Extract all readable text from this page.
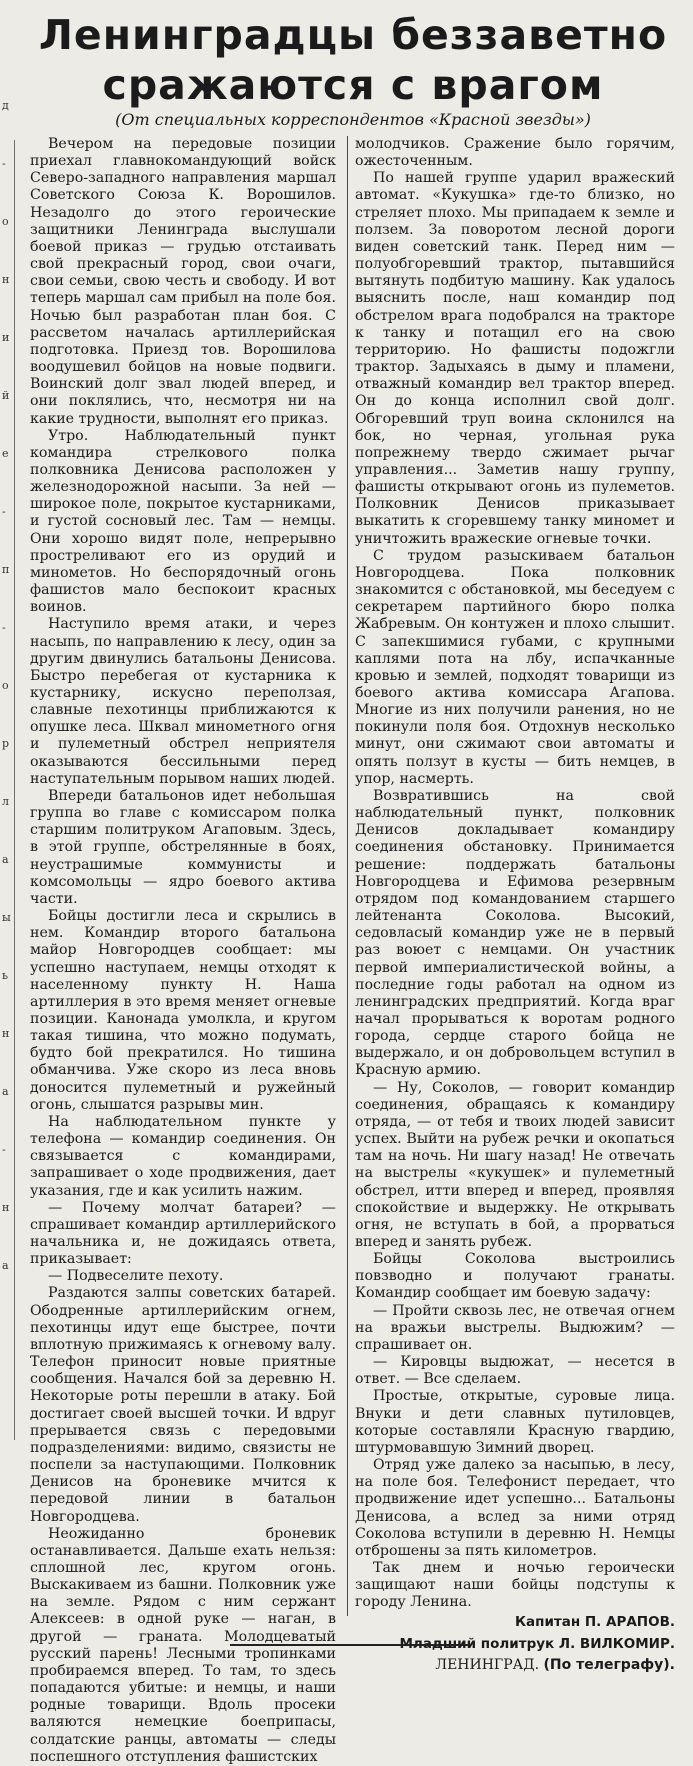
д
-
о
н
и
й
е
-
п
-
о
р
л
а
ы
ь
н
а
-
н
а
Ленинградцы беззаветно сражаются с врагом
(От специальных корреспондентов «Красной звезды»)

Вечером на передовые позиции приехал главнокомандующий войск Северо-западного направления маршал Советского Союза К. Ворошилов. Незадолго до этого героические защитники Ленинграда выслушали боевой приказ — грудью отстаивать свой прекрасный город, свои очаги, свои семьи, свою честь и свободу. И вот теперь маршал сам прибыл на поле боя. Ночью был разработан план боя. С рассветом началась артиллерийская подготовка. Приезд тов. Ворошилова воодушевил бойцов на новые подвиги. Воинский долг звал людей вперед, и они поклялись, что, несмотря ни на какие трудности, выполнят его приказ.

Утро. Наблюдательный пункт командира стрелкового полка полковника Денисова расположен у железнодорожной насыпи. За ней — широкое поле, покрытое кустарниками, и густой сосновый лес. Там — немцы. Они хорошо видят поле, непрерывно простреливают его из орудий и минометов. Но беспорядочный огонь фашистов мало беспокоит красных воинов.

Наступило время атаки, и через насыпь, по направлению к лесу, один за другим двинулись батальоны Денисова. Быстро перебегая от кустарника к кустарнику, искусно переползая, славные пехотинцы приближаются к опушке леса. Шквал минометного огня и пулеметный обстрел неприятеля оказываются бессильными перед наступательным порывом наших людей.

Впереди батальонов идет небольшая группа во главе с комиссаром полка старшим политруком Агаповым. Здесь, в этой группе, обстрелянные в боях, неустрашимые коммунисты и комсомольцы — ядро боевого актива части.

Бойцы достигли леса и скрылись в нем. Командир второго батальона майор Новгородцев сообщает: мы успешно наступаем, немцы отходят к населенному пункту Н. Наша артиллерия в это время меняет огневые позиции. Канонада умолкла, и кругом такая тишина, что можно подумать, будто бой прекратился. Но тишина обманчива. Уже скоро из леса вновь доносится пулеметный и ружейный огонь, слышатся разрывы мин.

На наблюдательном пункте у телефона — командир соединения. Он связывается с командирами, запрашивает о ходе продвижения, дает указания, где и как усилить нажим.

— Почему молчат батареи? — спрашивает командир артиллерийского начальника и, не дожидаясь ответа, приказывает:

— Подвеселите пехоту.

Раздаются залпы советских батарей. Ободренные артиллерийским огнем, пехотинцы идут еще быстрее, почти вплотную прижимаясь к огневому валу. Телефон приносит новые приятные сообщения. Начался бой за деревню Н. Некоторые роты перешли в атаку. Бой достигает своей высшей точки. И вдруг прерывается связь с передовыми подразделениями: видимо, связисты не поспели за наступающими. Полковник Денисов на броневике мчится к передовой линии в батальон Новгородцева.

Неожиданно броневик останавливается. Дальше ехать нельзя: сплошной лес, кругом огонь. Выскакиваем из башни. Полковник уже на земле. Рядом с ним сержант Алексеев: в одной руке — наган, в другой — граната. Молодцеватый русский парень! Лесными тропинками пробираемся вперед. То там, то здесь попадаются убитые: и немцы, и наши родные товарищи. Вдоль просеки валяются немецкие боеприпасы, солдатские ранцы, автоматы — следы поспешного отступления фашистских

молодчиков. Сражение было горячим, ожесточенным.

По нашей группе ударил вражеский автомат. «Кукушка» где-то близко, но стреляет плохо. Мы припадаем к земле и ползем. За поворотом лесной дороги виден советский танк. Перед ним — полуобгоревший трактор, пытавшийся вытянуть подбитую машину. Как удалось выяснить после, наш командир под обстрелом врага подобрался на тракторе к танку и потащил его на свою территорию. Но фашисты подожгли трактор. Задыхаясь в дыму и пламени, отважный командир вел трактор вперед. Он до конца исполнил свой долг. Обгоревший труп воина склонился на бок, но черная, угольная рука попрежнему твердо сжимает рычаг управления... Заметив нашу группу, фашисты открывают огонь из пулеметов. Полковник Денисов приказывает выкатить к сгоревшему танку миномет и уничтожить вражеские огневые точки.

С трудом разыскиваем батальон Новгородцева. Пока полковник знакомится с обстановкой, мы беседуем с секретарем партийного бюро полка Жабревым. Он контужен и плохо слышит. С запекшимися губами, с крупными каплями пота на лбу, испачканные кровью и землей, подходят товарищи из боевого актива комиссара Агапова. Многие из них получили ранения, но не покинули поля боя. Отдохнув несколько минут, они сжимают свои автоматы и опять ползут в кусты — бить немцев, в упор, насмерть.

Возвратившись на свой наблюдательный пункт, полковник Денисов докладывает командиру соединения обстановку. Принимается решение: поддержать батальоны Новгородцева и Ефимова резервным отрядом под командованием старшего лейтенанта Соколова. Высокий, седовласый командир уже не в первый раз воюет с немцами. Он участник первой империалистической войны, а последние годы работал на одном из ленинградских предприятий. Когда враг начал прорываться к воротам родного города, сердце старого бойца не выдержало, и он добровольцем вступил в Красную армию.

— Ну, Соколов, — говорит командир соединения, обращаясь к командиру отряда, — от тебя и твоих людей зависит успех. Выйти на рубеж речки и окопаться там на ночь. Ни шагу назад! Не отвечать на выстрелы «кукушек» и пулеметный обстрел, итти вперед и вперед, проявляя спокойствие и выдержку. Не открывать огня, не вступать в бой, а прорваться вперед и занять рубеж.

Бойцы Соколова выстроились повзводно и получают гранаты. Командир сообщает им боевую задачу:

— Пройти сквозь лес, не отвечая огнем на вражьи выстрелы. Выдюжим? — спрашивает он.

— Кировцы выдюжат, — несется в ответ. — Все сделаем.

Простые, открытые, суровые лица. Внуки и дети славных путиловцев, которые составляли Красную гвардию, штурмовавшую Зимний дворец.

Отряд уже далеко за насыпью, в лесу, на поле боя. Телефонист передает, что продвижение идет успешно... Батальоны Денисова, а вслед за ними отряд Соколова вступили в деревню Н. Немцы отброшены за пять километров.

Так днем и ночью героически защищают наши бойцы подступы к городу Ленина.

Капитан П. АРАПОВ.
Младший политрук Л. ВИЛКОМИР.
ЛЕНИНГРАД. (По телеграфу).
